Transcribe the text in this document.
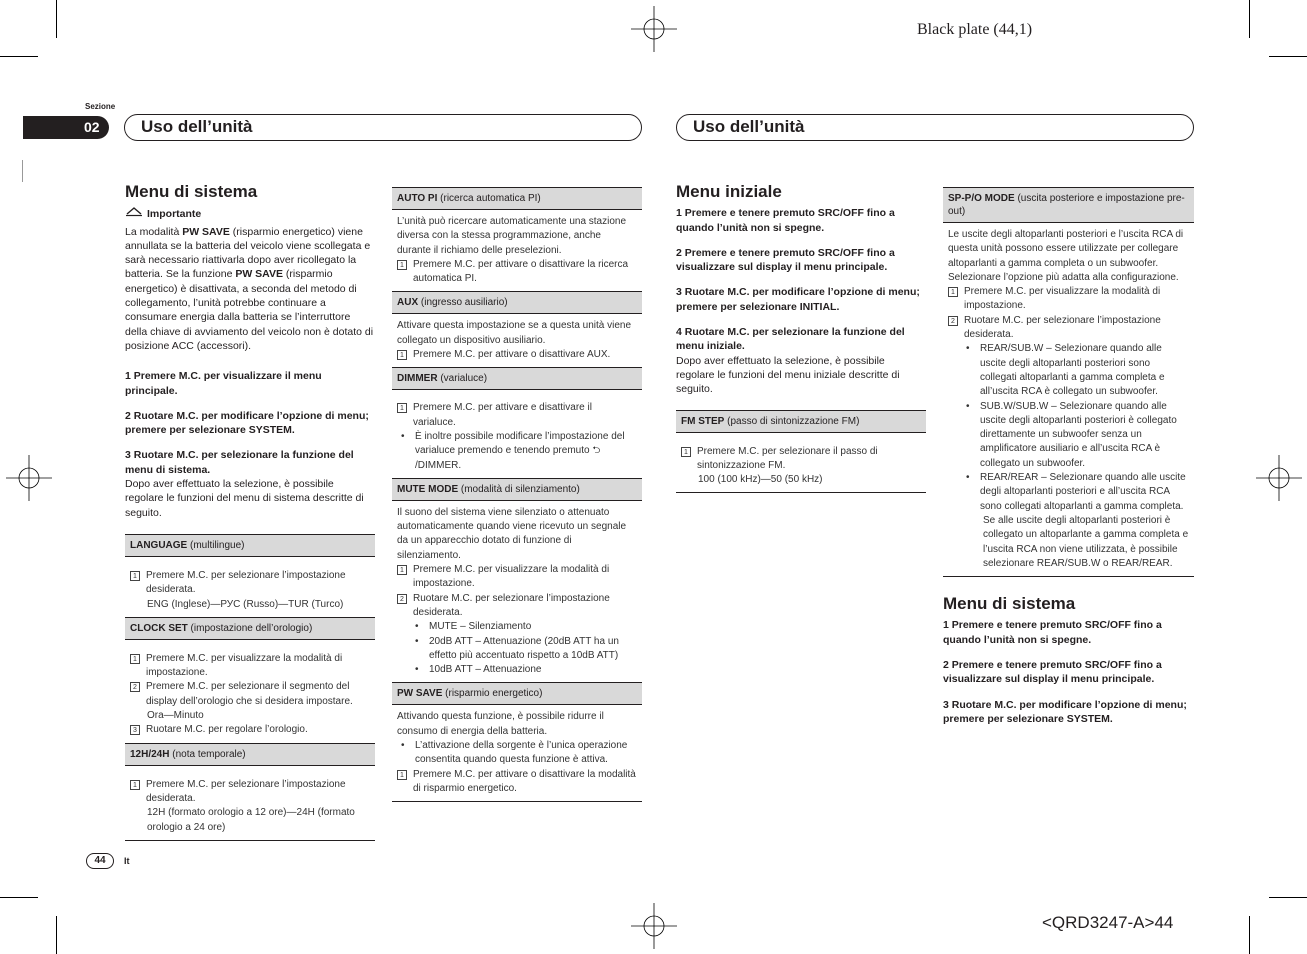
Black plate (44,1)
Sezione
02	Uso dell’unità	Uso dell’unità
Menu di sistema
Importante

La modalità PW SAVE (risparmio energetico) viene annullata se la batteria del veicolo viene scollegata e sarà necessario riattivarla dopo aver ricollegato la batteria. Se la funzione PW SAVE (risparmio energetico) è disattivata, a seconda del metodo di collegamento, l’unità potrebbe continuare a consumare energia dalla batteria se l’interruttore della chiave di avviamento del veicolo non è dotato di posizione ACC (accessori).

1 Premere M.C. per visualizzare il menu principale.

2 Ruotare M.C. per modificare l’opzione di menu; premere per selezionare SYSTEM.

3 Ruotare M.C. per selezionare la funzione del menu di sistema.

Dopo aver effettuato la selezione, è possibile regolare le funzioni del menu di sistema descritte di seguito.

LANGUAGE (multilingue)
1 Premere M.C. per selezionare l’impostazione desiderata.
ENG (Inglese)—РУС (Russo)—TUR (Turco)
CLOCK SET (impostazione dell’orologio)
1 Premere M.C. per visualizzare la modalità di impostazione.
2 Premere M.C. per selezionare il segmento del display dell’orologio che si desidera impostare.
Ora—Minuto
3 Ruotare M.C. per regolare l’orologio.
12H/24H (nota temporale)
1 Premere M.C. per selezionare l’impostazione desiderata.
12H (formato orologio a 12 ore)—24H (formato orologio a 24 ore)
AUTO PI (ricerca automatica PI)
L’unità può ricercare automaticamente una stazione diversa con la stessa programmazione, anche durante il richiamo delle preselezioni.
1 Premere M.C. per attivare o disattivare la ricerca automatica PI.
AUX (ingresso ausiliario)
Attivare questa impostazione se a questa unità viene collegato un dispositivo ausiliario.
1 Premere M.C. per attivare o disattivare AUX.
DIMMER (varialuce)
1 Premere M.C. per attivare e disattivare il varialuce.
•	È inoltre possibile modificare l’impostazione del varialuce premendo e tenendo premuto ⮌ /DIMMER.
MUTE MODE (modalità di silenziamento)
Il suono del sistema viene silenziato o attenuato automaticamente quando viene ricevuto un segnale da un apparecchio dotato di funzione di silenziamento.
1 Premere M.C. per visualizzare la modalità di impostazione.
2 Ruotare M.C. per selezionare l’impostazione desiderata.
•	MUTE – Silenziamento
•	20dB ATT – Attenuazione (20dB ATT ha un effetto più accentuato rispetto a 10dB ATT)
•	10dB ATT – Attenuazione
PW SAVE (risparmio energetico)
Attivando questa funzione, è possibile ridurre il consumo di energia della batteria.
•	L’attivazione della sorgente è l’unica operazione consentita quando questa funzione è attiva.
1 Premere M.C. per attivare o disattivare la modalità di risparmio energetico.
Menu iniziale

1 Premere e tenere premuto SRC/OFF fino a quando l’unità non si spegne.

2 Premere e tenere premuto SRC/OFF fino a visualizzare sul display il menu principale.

3 Ruotare M.C. per modificare l’opzione di menu; premere per selezionare INITIAL.

4 Ruotare M.C. per selezionare la funzione del menu iniziale.

Dopo aver effettuato la selezione, è possibile regolare le funzioni del menu iniziale descritte di seguito.

FM STEP (passo di sintonizzazione FM)
1 Premere M.C. per selezionare il passo di sintonizzazione FM.
100 (100 kHz)—50 (50 kHz)
SP-P/O MODE (uscita posteriore e impostazione pre-out)
Le uscite degli altoparlanti posteriori e l’uscita RCA di questa unità possono essere utilizzate per collegare altoparlanti a gamma completa o un subwoofer. Selezionare l’opzione più adatta alla configurazione.
1 Premere M.C. per visualizzare la modalità di impostazione.
2 Ruotare M.C. per selezionare l’impostazione desiderata.
•	REAR/SUB.W – Selezionare quando alle uscite degli altoparlanti posteriori sono collegati altoparlanti a gamma completa e all’uscita RCA è collegato un subwoofer.
•	SUB.W/SUB.W – Selezionare quando alle uscite degli altoparlanti posteriori è collegato direttamente un subwoofer senza un amplificatore ausiliario e all’uscita RCA è collegato un subwoofer.
•	REAR/REAR – Selezionare quando alle uscite degli altoparlanti posteriori e all’uscita RCA sono collegati altoparlanti a gamma completa.
Se alle uscite degli altoparlanti posteriori è collegato un altoparlante a gamma completa e l’uscita RCA non viene utilizzata, è possibile selezionare REAR/SUB.W o REAR/REAR.
Menu di sistema

1 Premere e tenere premuto SRC/OFF fino a quando l’unità non si spegne.

2 Premere e tenere premuto SRC/OFF fino a visualizzare sul display il menu principale.

3 Ruotare M.C. per modificare l’opzione di menu; premere per selezionare SYSTEM.

44	It
<QRD3247-A>44
